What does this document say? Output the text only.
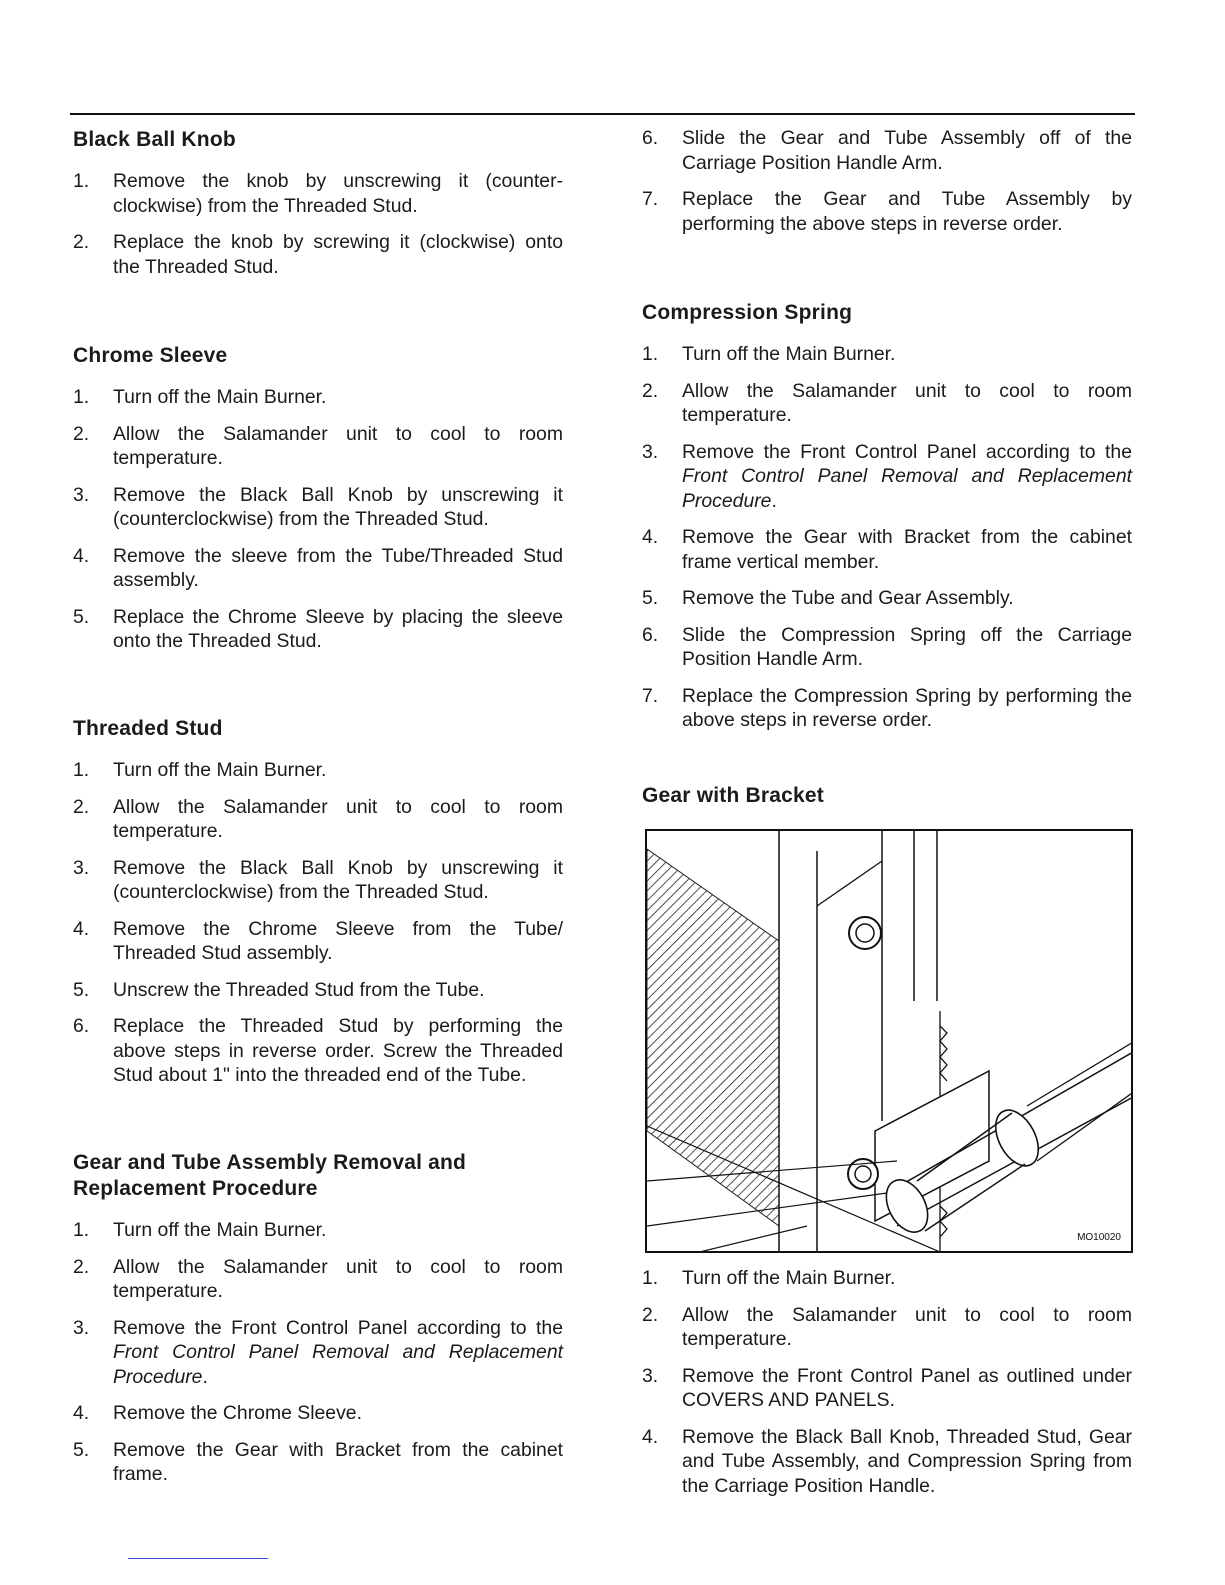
Black Ball Knob
1. Remove the knob by unscrewing it (counter-clockwise) from the Threaded Stud.
2. Replace the knob by screwing it (clockwise) onto the Threaded Stud.
Chrome Sleeve
1. Turn off the Main Burner.
2. Allow the Salamander unit to cool to room temperature.
3. Remove the Black Ball Knob by unscrewing it (counterclockwise) from the Threaded Stud.
4. Remove the sleeve from the Tube/Threaded Stud assembly.
5. Replace the Chrome Sleeve by placing the sleeve onto the Threaded Stud.
Threaded Stud
1. Turn off the Main Burner.
2. Allow the Salamander unit to cool to room temperature.
3. Remove the Black Ball Knob by unscrewing it (counterclockwise) from the Threaded Stud.
4. Remove the Chrome Sleeve from the Tube/ Threaded Stud assembly.
5. Unscrew the Threaded Stud from the Tube.
6. Replace the Threaded Stud by performing the above steps in reverse order. Screw the Threaded Stud about 1" into the threaded end of the Tube.
Gear and Tube Assembly Removal and
Replacement Procedure
1. Turn off the Main Burner.
2. Allow the Salamander unit to cool to room temperature.
3. Remove the Front Control Panel according to the Front Control Panel Removal and Replacement Procedure.
4. Remove the Chrome Sleeve.
5. Remove the Gear with Bracket from the cabinet frame.
6. Slide the Gear and Tube Assembly off of the Carriage Position Handle Arm.
7. Replace the Gear and Tube Assembly by performing the above steps in reverse order.
Compression Spring
1. Turn off the Main Burner.
2. Allow the Salamander unit to cool to room temperature.
3. Remove the Front Control Panel according to the Front Control Panel Removal and Replacement Procedure.
4. Remove the Gear with Bracket from the cabinet frame vertical member.
5. Remove the Tube and Gear Assembly.
6. Slide the Compression Spring off the Carriage Position Handle Arm.
7. Replace the Compression Spring by performing the above steps in reverse order.
Gear with Bracket
MO10020
1. Turn off the Main Burner.
2. Allow the Salamander unit to cool to room temperature.
3. Remove the Front Control Panel as outlined under COVERS AND PANELS.
4. Remove the Black Ball Knob, Threaded Stud, Gear and Tube Assembly, and Compression Spring from the Carriage Position Handle.
